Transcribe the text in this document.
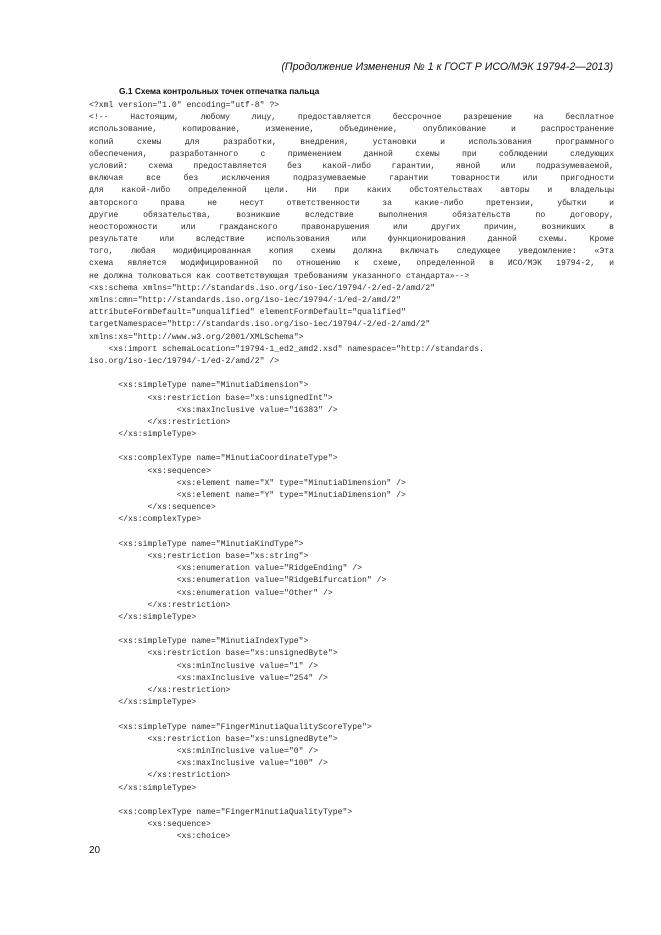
(Продолжение Изменения № 1 к ГОСТ Р ИСО/МЭК 19794-2—2013)
G.1 Схема контрольных точек отпечатка пальца
<?xml version="1.0" encoding="utf-8" ?>
<!-- Настоящим, любому лицу, предоставляется бессрочное разрешение на бесплатное
использование, копирование, изменение, объединение, опубликование и распространение
копий схемы для разработки, внедрения, установки и использования программного
обеспечения, разработанного с применением данной схемы при соблюдении следующих
условий: схема предоставляется без какой-либо гарантии, явной или подразумеваемой,
включая все без исключения подразумеваемые гарантии товарности или пригодности
для какой-либо определенной цели. Ни при каких обстоятельствах авторы и владельцы
авторского права не несут ответственности за какие-либо претензии, убытки и
другие обязательства, возникшие вследствие выполнения обязательств по договору,
неосторожности или гражданского правонарушения или других причин, возникших в
результате или вследствие использования или функционирования данной схемы. Кроме
того, любая модифицированная копия схемы должна включать следующее уведомление: «Эта
схема является модифицированной по отношению к схеме, определенной в ИСО/МЭК 19794-2, и
не должна толковаться как соответствующая требованиям указанного стандарта»-->
<xs:schema xmlns="http://standards.iso.org/iso-iec/19794/-2/ed-2/amd/2"
xmlns:cmn="http://standards.iso.org/iso-iec/19794/-1/ed-2/amd/2"
attributeFormDefault="unqualified" elementFormDefault="qualified"
targetNamespace="http://standards.iso.org/iso-iec/19794/-2/ed-2/amd/2"
xmlns:xs="http://www.w3.org/2001/XMLSchema">
<xs:import schemaLocation="19794-1_ed2_amd2.xsd" namespace="http://standards.
iso.org/iso-iec/19794/-1/ed-2/amd/2" />
<xs:simpleType name="MinutiaDimension">
<xs:restriction base="xs:unsignedInt">
<xs:maxInclusive value="16383" />
</xs:restriction>
</xs:simpleType>
<xs:complexType name="MinutiaCoordinateType">
<xs:sequence>
<xs:element name="X" type="MinutiaDimension" />
<xs:element name="Y" type="MinutiaDimension" />
</xs:sequence>
</xs:complexType>
<xs:simpleType name="MinutiaKindType">
<xs:restriction base="xs:string">
<xs:enumeration value="RidgeEnding" />
<xs:enumeration value="RidgeBifurcation" />
<xs:enumeration value="Other" />
</xs:restriction>
</xs:simpleType>
<xs:simpleType name="MinutiaIndexType">
<xs:restriction base="xs:unsignedByte">
<xs:minInclusive value="1" />
<xs:maxInclusive value="254" />
</xs:restriction>
</xs:simpleType>
<xs:simpleType name="FingerMinutiaQualityScoreType">
<xs:restriction base="xs:unsignedByte">
<xs:minInclusive value="0" />
<xs:maxInclusive value="100" />
</xs:restriction>
</xs:simpleType>
<xs:complexType name="FingerMinutiaQualityType">
<xs:sequence>
<xs:choice>
20
